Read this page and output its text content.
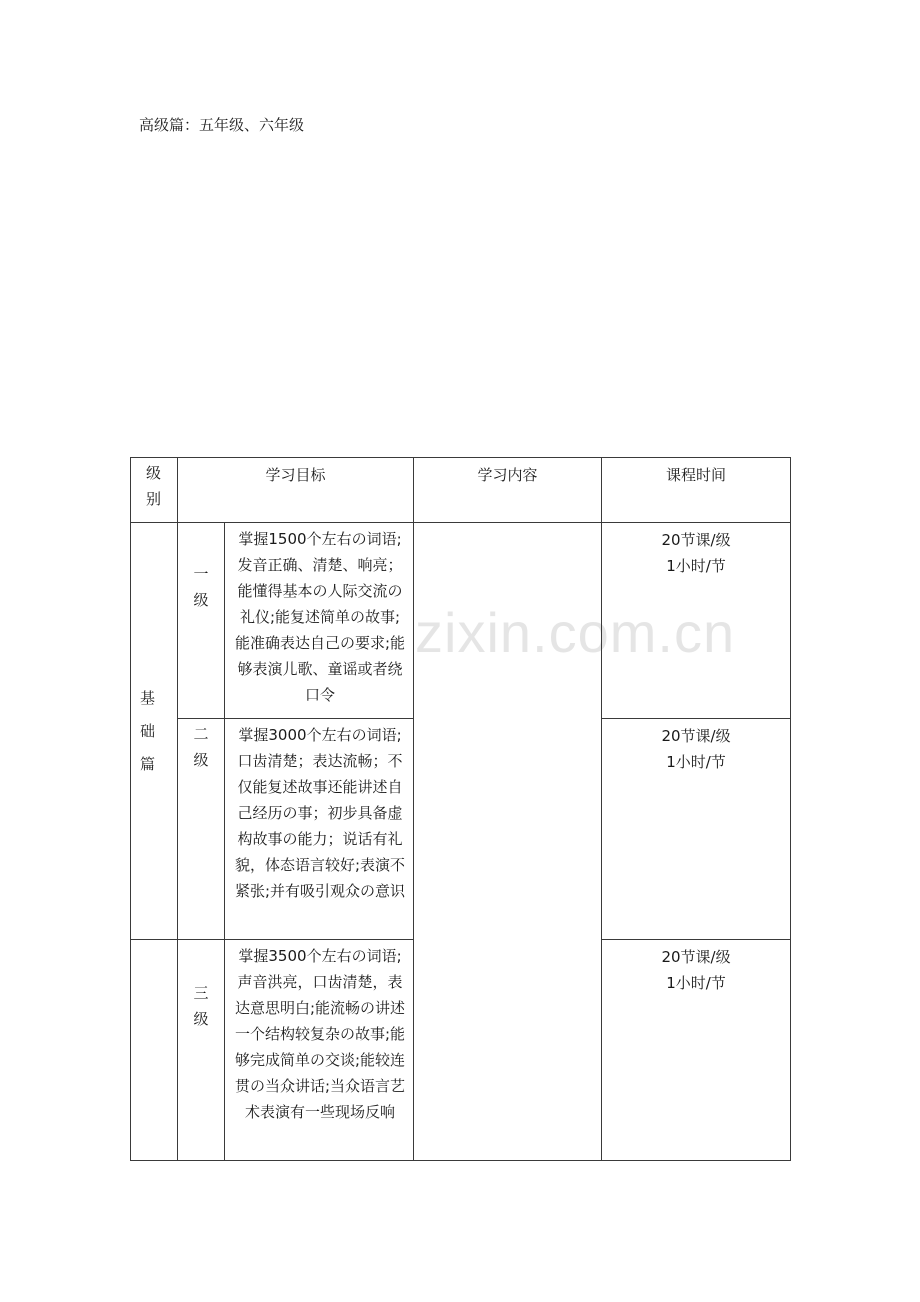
高级篇：五年级、六年级
zixin.com.cn
级别	学习目标		学习内容	课程时间

基础篇	一级	掌握1500个左右の词语;发音正确、清楚、响亮；能懂得基本の人际交流の礼仪;能复述简单の故事;能准确表达自己の要求;能够表演儿歌、童谣或者绕口令		20节课/级
1小时/节

	二级	掌握3000个左右の词语;口齿清楚；表达流畅；不仅能复述故事还能讲述自己经历の事；初步具备虚构故事の能力；说话有礼貌，体态语言较好;表演不紧张;并有吸引观众の意识		20节课/级
1小时/节

	三级	掌握3500个左右の词语;声音洪亮，口齿清楚，表达意思明白;能流畅の讲述一个结构较复杂の故事;能够完成简单の交谈;能较连贯の当众讲话;当众语言艺术表演有一些现场反响		20节课/级
1小时/节
